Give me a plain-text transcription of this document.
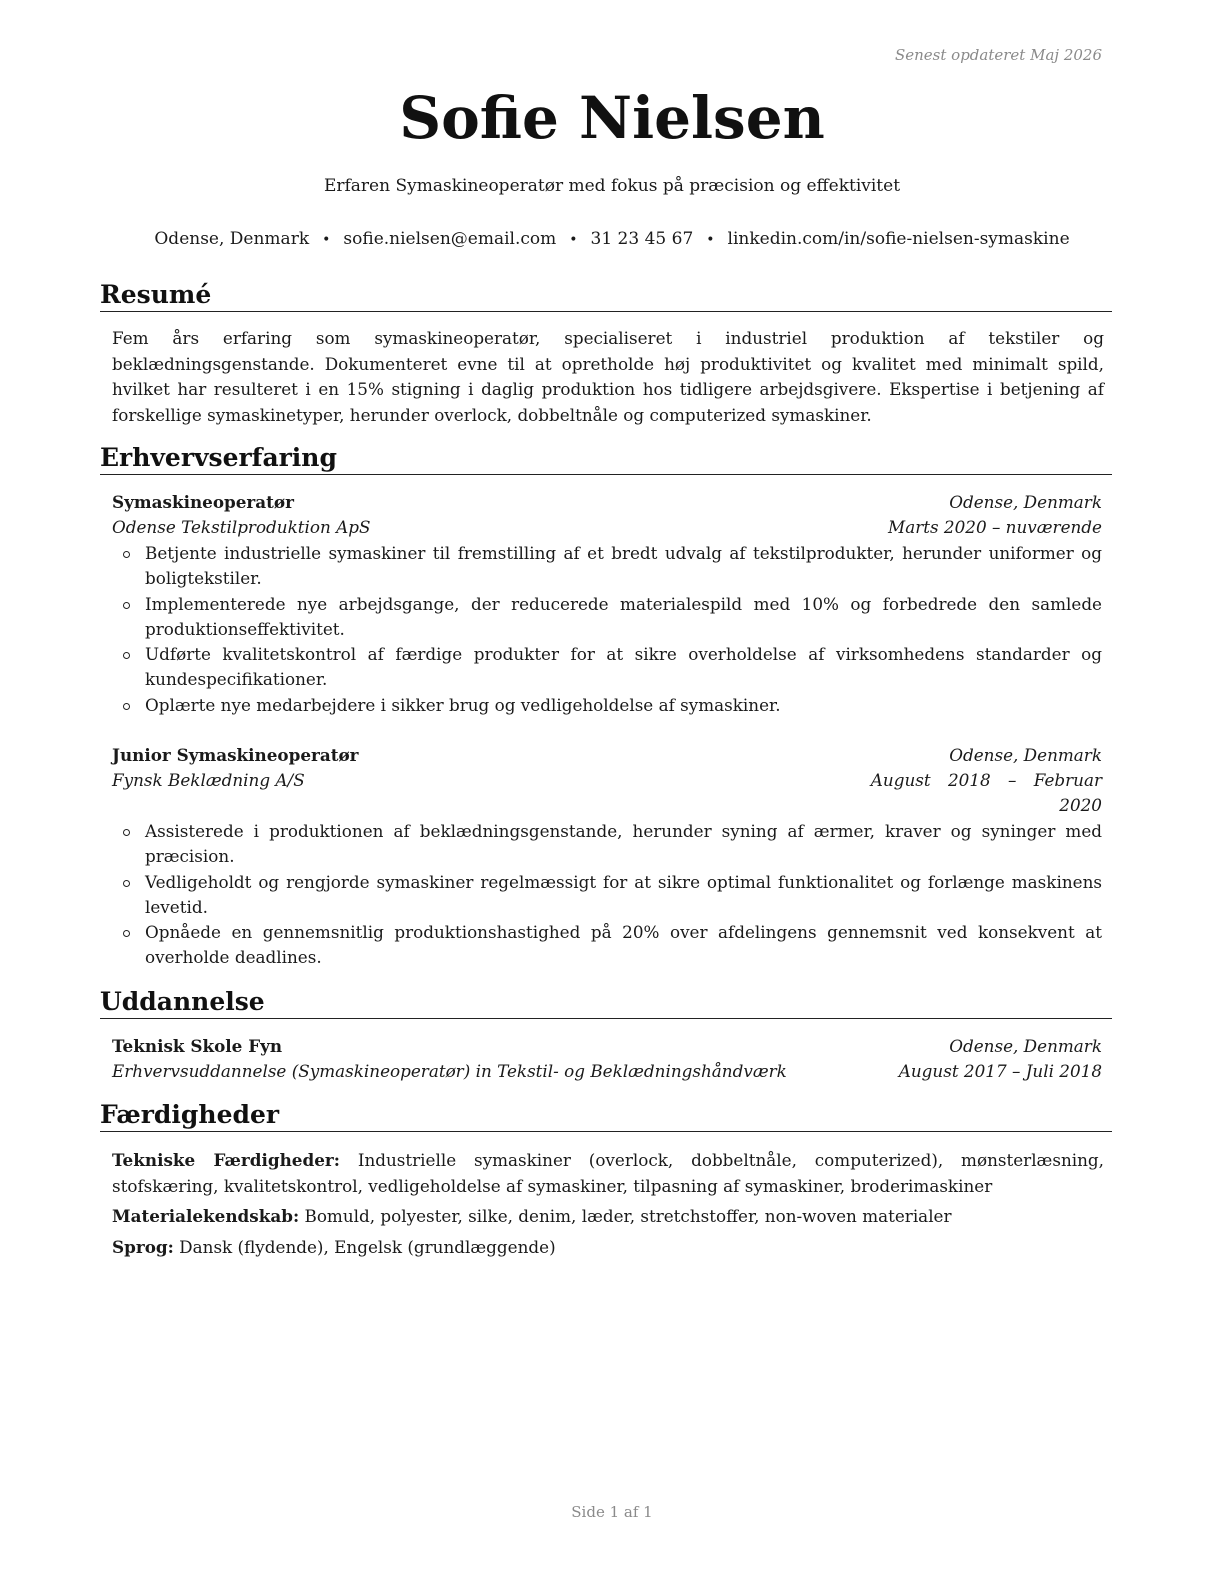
Senest opdateret Maj 2026
Sofie Nielsen
Erfaren Symaskineoperatør med fokus på præcision og effektivitet
Odense, Denmark • sofie.nielsen@email.com • 31 23 45 67 • linkedin.com/in/sofie-nielsen-symaskine
Resumé
Fem års erfaring som symaskineoperatør, specialiseret i industriel produktion af tekstiler og beklædningsgenstande. Dokumenteret evne til at opretholde høj produktivitet og kvalitet med minimalt spild, hvilket har resulteret i en 15% stigning i daglig produktion hos tidligere arbejdsgivere. Ekspertise i betjening af forskellige symaskinetyper, herunder overlock, dobbeltnåle og computerized symaskiner.
Erhvervserfaring
Symaskineoperatør	Odense, Denmark
Odense Tekstilproduktion ApS	Marts 2020 – nuværende
Betjente industrielle symaskiner til fremstilling af et bredt udvalg af tekstilprodukter, herunder uniformer og boligtekstiler.
Implementerede nye arbejdsgange, der reducerede materialespild med 10% og forbedrede den samlede produktionseffektivitet.
Udførte kvalitetskontrol af færdige produkter for at sikre overholdelse af virksomhedens standarder og kundespecifikationer.
Oplærte nye medarbejdere i sikker brug og vedligeholdelse af symaskiner.
Junior Symaskineoperatør	Odense, Denmark
Fynsk Beklædning A/S	August 2018 – Februar
2020
Assisterede i produktionen af beklædningsgenstande, herunder syning af ærmer, kraver og syninger med præcision.
Vedligeholdt og rengjorde symaskiner regelmæssigt for at sikre optimal funktionalitet og forlænge maskinens levetid.
Opnåede en gennemsnitlig produktionshastighed på 20% over afdelingens gennemsnit ved konsekvent at overholde deadlines.
Uddannelse
Teknisk Skole Fyn	Odense, Denmark
Erhvervsuddannelse (Symaskineoperatør) in Tekstil- og Beklædningshåndværk	August 2017 – Juli 2018
Færdigheder
Tekniske Færdigheder: Industrielle symaskiner (overlock, dobbeltnåle, computerized), mønsterlæsning, stofskæring, kvalitetskontrol, vedligeholdelse af symaskiner, tilpasning af symaskiner, broderimaskiner
Materialekendskab: Bomuld, polyester, silke, denim, læder, stretchstoffer, non-woven materialer
Sprog: Dansk (flydende), Engelsk (grundlæggende)
Side 1 af 1
